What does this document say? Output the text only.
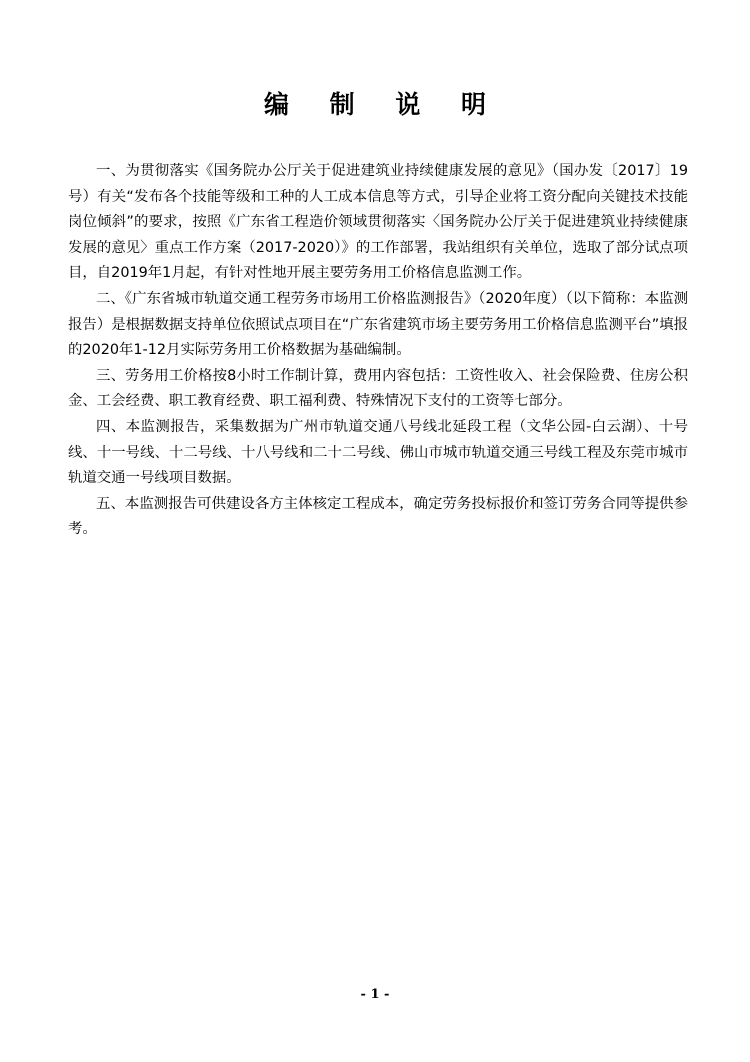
编 制 说 明

一、为贯彻落实《国务院办公厅关于促进建筑业持续健康发展的意见》（国办发〔2017〕19号）有关“发布各个技能等级和工种的人工成本信息等方式，引导企业将工资分配向关键技术技能岗位倾斜”的要求，按照《广东省工程造价领域贯彻落实〈国务院办公厅关于促进建筑业持续健康发展的意见〉重点工作方案（2017-2020）》的工作部署，我站组织有关单位，选取了部分试点项目，自2019年1月起，有针对性地开展主要劳务用工价格信息监测工作。

二、《广东省城市轨道交通工程劳务市场用工价格监测报告》（2020年度）（以下简称：本监测报告）是根据数据支持单位依照试点项目在“广东省建筑市场主要劳务用工价格信息监测平台”填报的2020年1-12月实际劳务用工价格数据为基础编制。

三、劳务用工价格按8小时工作制计算，费用内容包括：工资性收入、社会保险费、住房公积金、工会经费、职工教育经费、职工福利费、特殊情况下支付的工资等七部分。

四、本监测报告，采集数据为广州市轨道交通八号线北延段工程（文华公园-白云湖）、十号线、十一号线、十二号线、十八号线和二十二号线、佛山市城市轨道交通三号线工程及东莞市城市轨道交通一号线项目数据。

五、本监测报告可供建设各方主体核定工程成本，确定劳务投标报价和签订劳务合同等提供参考。

- 1 -
